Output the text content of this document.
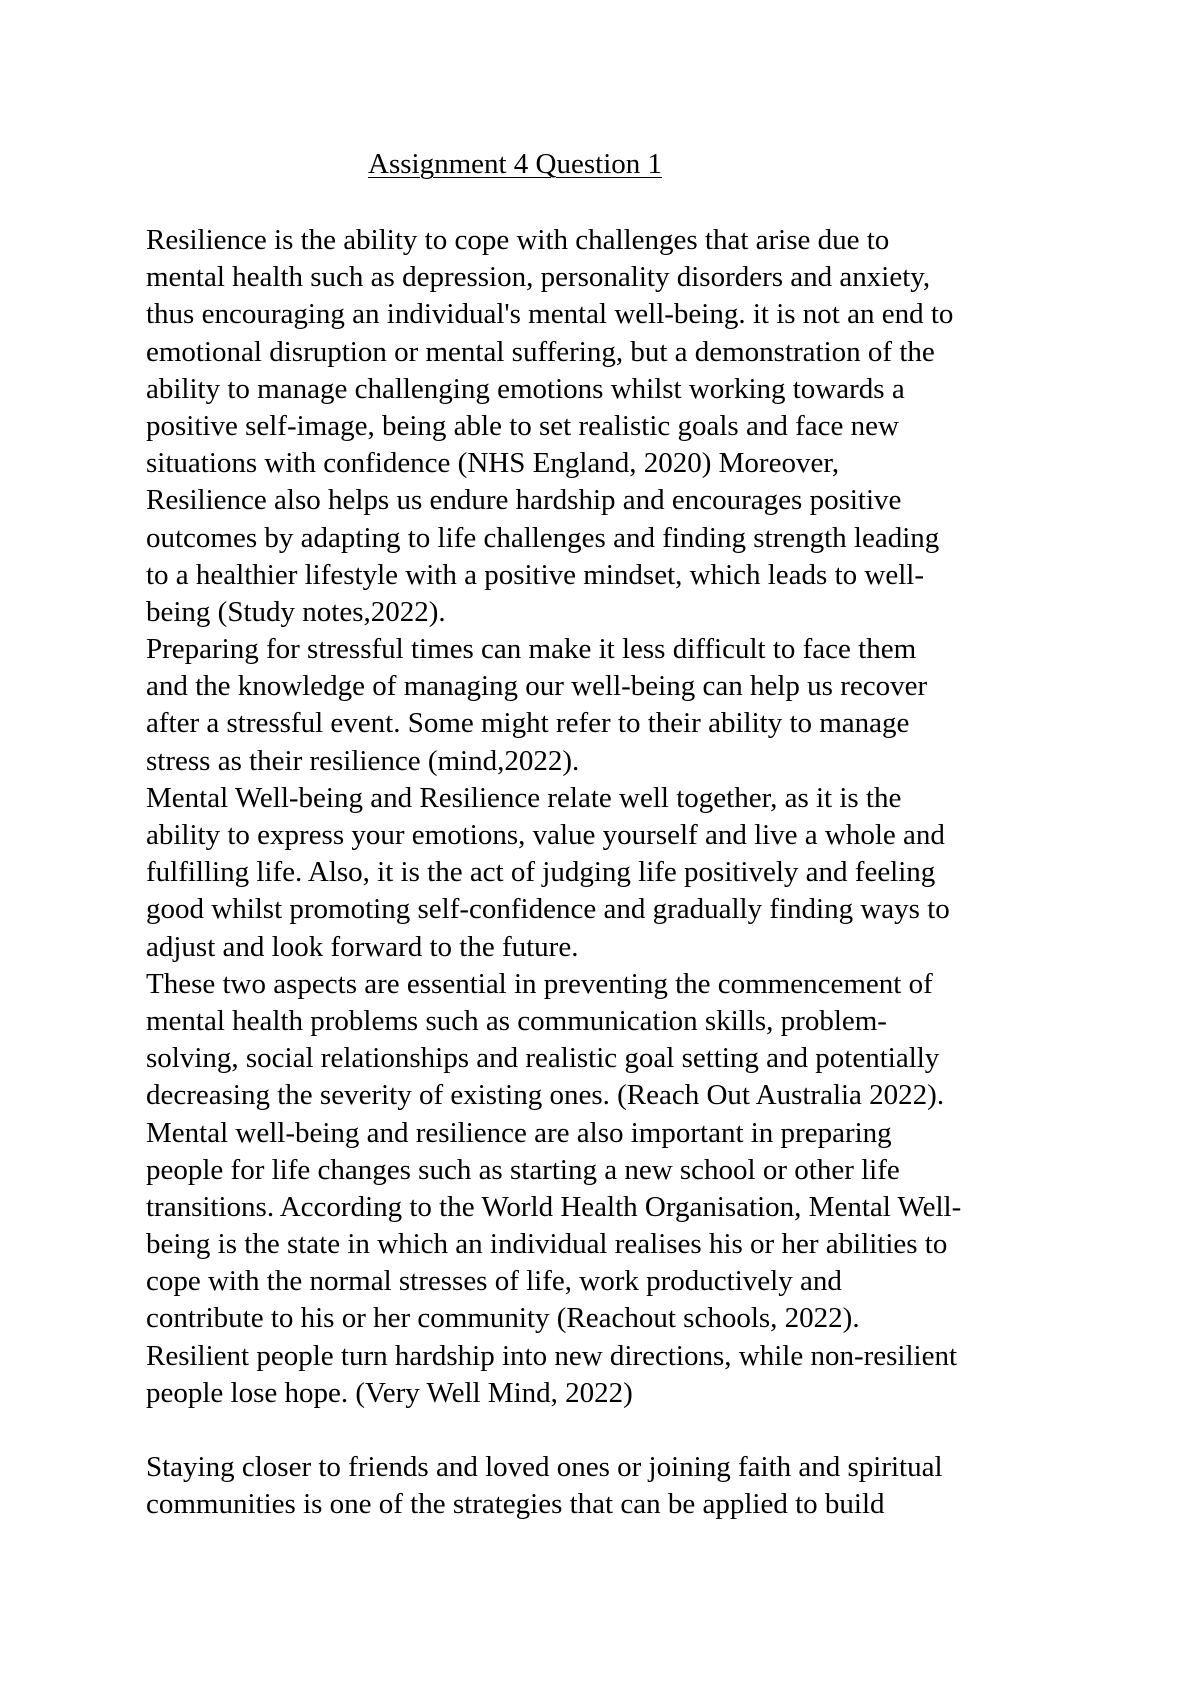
Assignment 4 Question 1
Resilience is the ability to cope with challenges that arise due to
mental health such as depression, personality disorders and anxiety,
thus encouraging an individual's mental well-being. it is not an end to
emotional disruption or mental suffering, but a demonstration of the
ability to manage challenging emotions whilst working towards a
positive self-image, being able to set realistic goals and face new
situations with confidence (NHS England, 2020) Moreover,
Resilience also helps us endure hardship and encourages positive
outcomes by adapting to life challenges and finding strength leading
to a healthier lifestyle with a positive mindset, which leads to well-
being (Study notes,2022).
Preparing for stressful times can make it less difficult to face them
and the knowledge of managing our well-being can help us recover
after a stressful event. Some might refer to their ability to manage
stress as their resilience (mind,2022).
Mental Well-being and Resilience relate well together, as it is the
ability to express your emotions, value yourself and live a whole and
fulfilling life. Also, it is the act of judging life positively and feeling
good whilst promoting self-confidence and gradually finding ways to
adjust and look forward to the future.
These two aspects are essential in preventing the commencement of
mental health problems such as communication skills, problem-
solving, social relationships and realistic goal setting and potentially
decreasing the severity of existing ones. (Reach Out Australia 2022).
Mental well-being and resilience are also important in preparing
people for life changes such as starting a new school or other life
transitions. According to the World Health Organisation, Mental Well-
being is the state in which an individual realises his or her abilities to
cope with the normal stresses of life, work productively and
contribute to his or her community (Reachout schools, 2022).
Resilient people turn hardship into new directions, while non-resilient
people lose hope. (Very Well Mind, 2022)
Staying closer to friends and loved ones or joining faith and spiritual
communities is one of the strategies that can be applied to build
